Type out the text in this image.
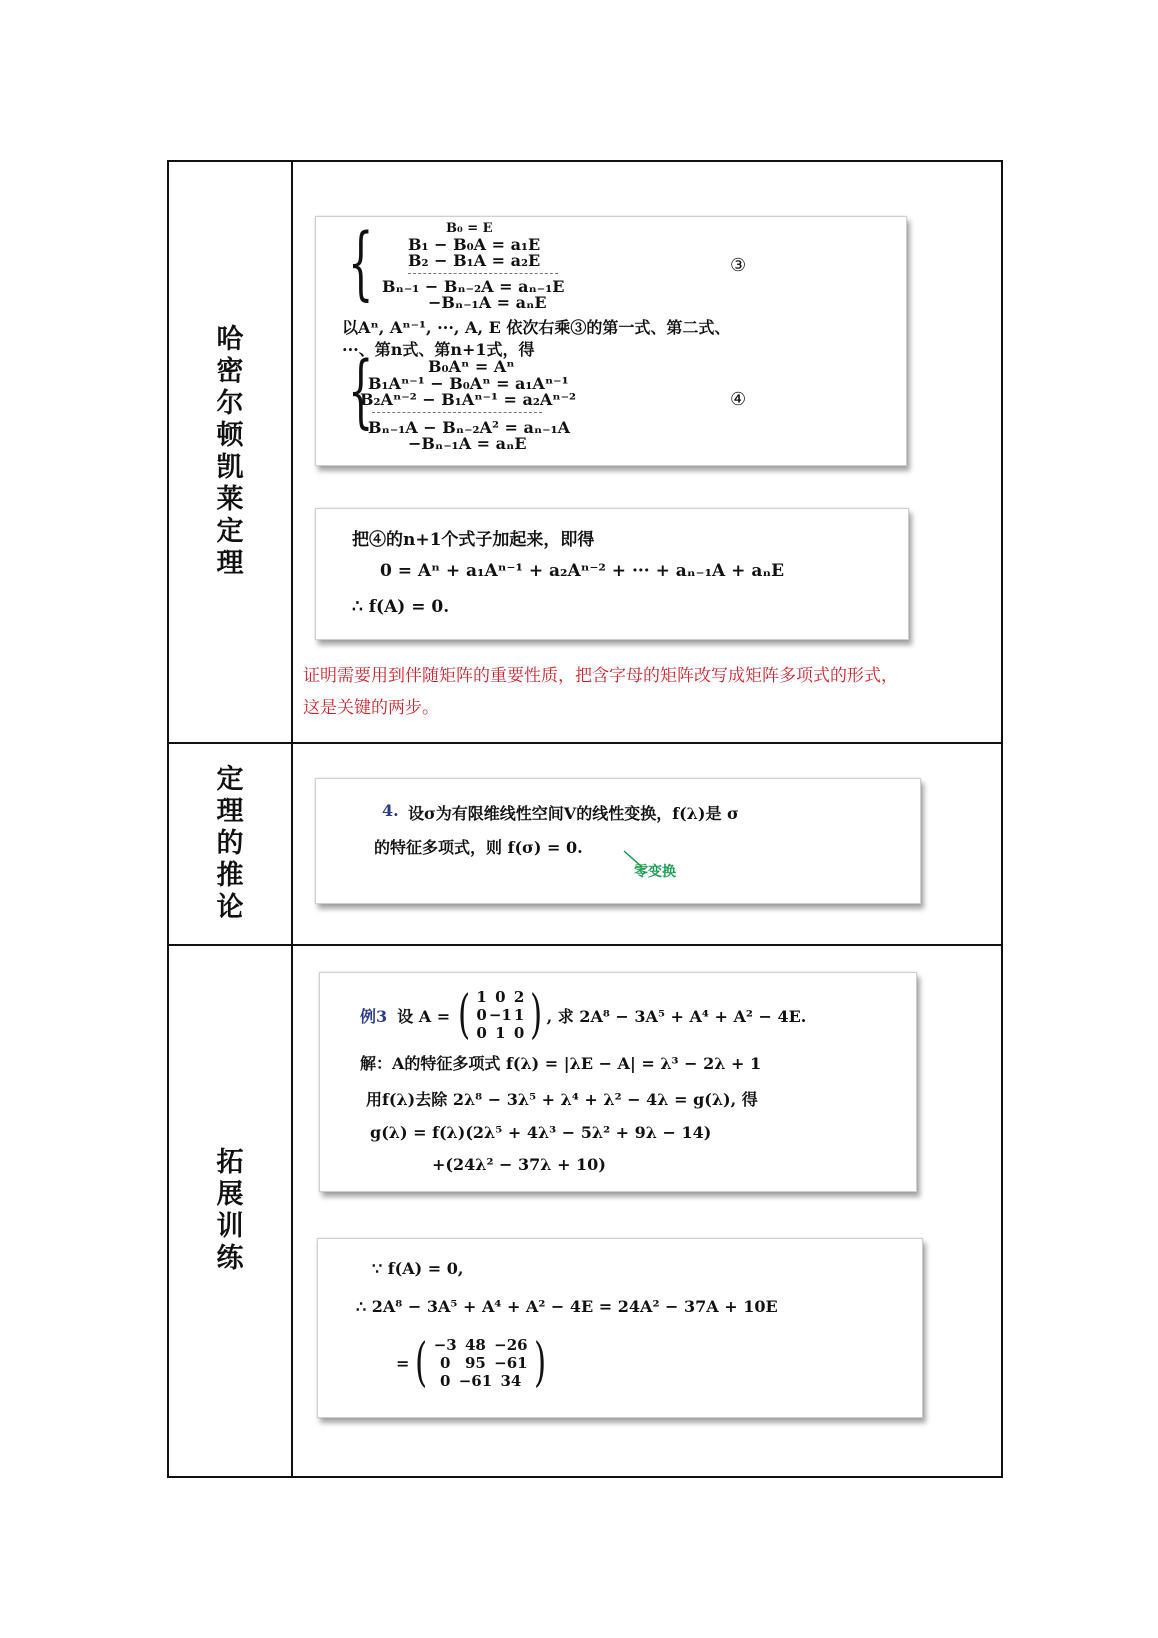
哈密尔顿凯莱定理	
{	B₀ = E
B₁ − B₀A = a₁E
B₂ − B₁A = a₂E
Bₙ₋₁ − Bₙ₋₂A = aₙ₋₁E
−Bₙ₋₁A = aₙE
③
以Aⁿ, Aⁿ⁻¹, ···, A, E 依次右乘③的第一式、第二式、
···、第n式、第n+1式，得
{	B₀Aⁿ = Aⁿ
B₁Aⁿ⁻¹ − B₀Aⁿ = a₁Aⁿ⁻¹
B₂Aⁿ⁻² − B₁Aⁿ⁻¹ = a₂Aⁿ⁻²
Bₙ₋₁A − Bₙ₋₂A² = aₙ₋₁A
−Bₙ₋₁A = aₙE
④
把④的n+1个式子加起来，即得
0 = Aⁿ + a₁Aⁿ⁻¹ + a₂Aⁿ⁻² + ··· + aₙ₋₁A + aₙE
∴ f(A) = 0.
证明需要用到伴随矩阵的重要性质，把含字母的矩阵改写成矩阵多项式的形式，
这是关键的两步。

定理的推论	
4. 设σ为有限维线性空间V的线性变换，f(λ)是 σ
的特征多项式，则 f(σ) = 0.
零变换

拓展训练	
例3 设 A = ( 1	0	2
0	−1	1
0	1	0 ) , 求 2A⁸ − 3A⁵ + A⁴ + A² − 4E.
解：A的特征多项式 f(λ) = |λE − A| = λ³ − 2λ + 1
用f(λ)去除 2λ⁸ − 3λ⁵ + λ⁴ + λ² − 4λ = g(λ), 得
g(λ) = f(λ)(2λ⁵ + 4λ³ − 5λ² + 9λ − 14)
+(24λ² − 37λ + 10)
∵ f(A) = 0,
∴ 2A⁸ − 3A⁵ + A⁴ + A² − 4E = 24A² − 37A + 10E
= ( −3	48	−26
0	95	−61
0	−61	34 )
